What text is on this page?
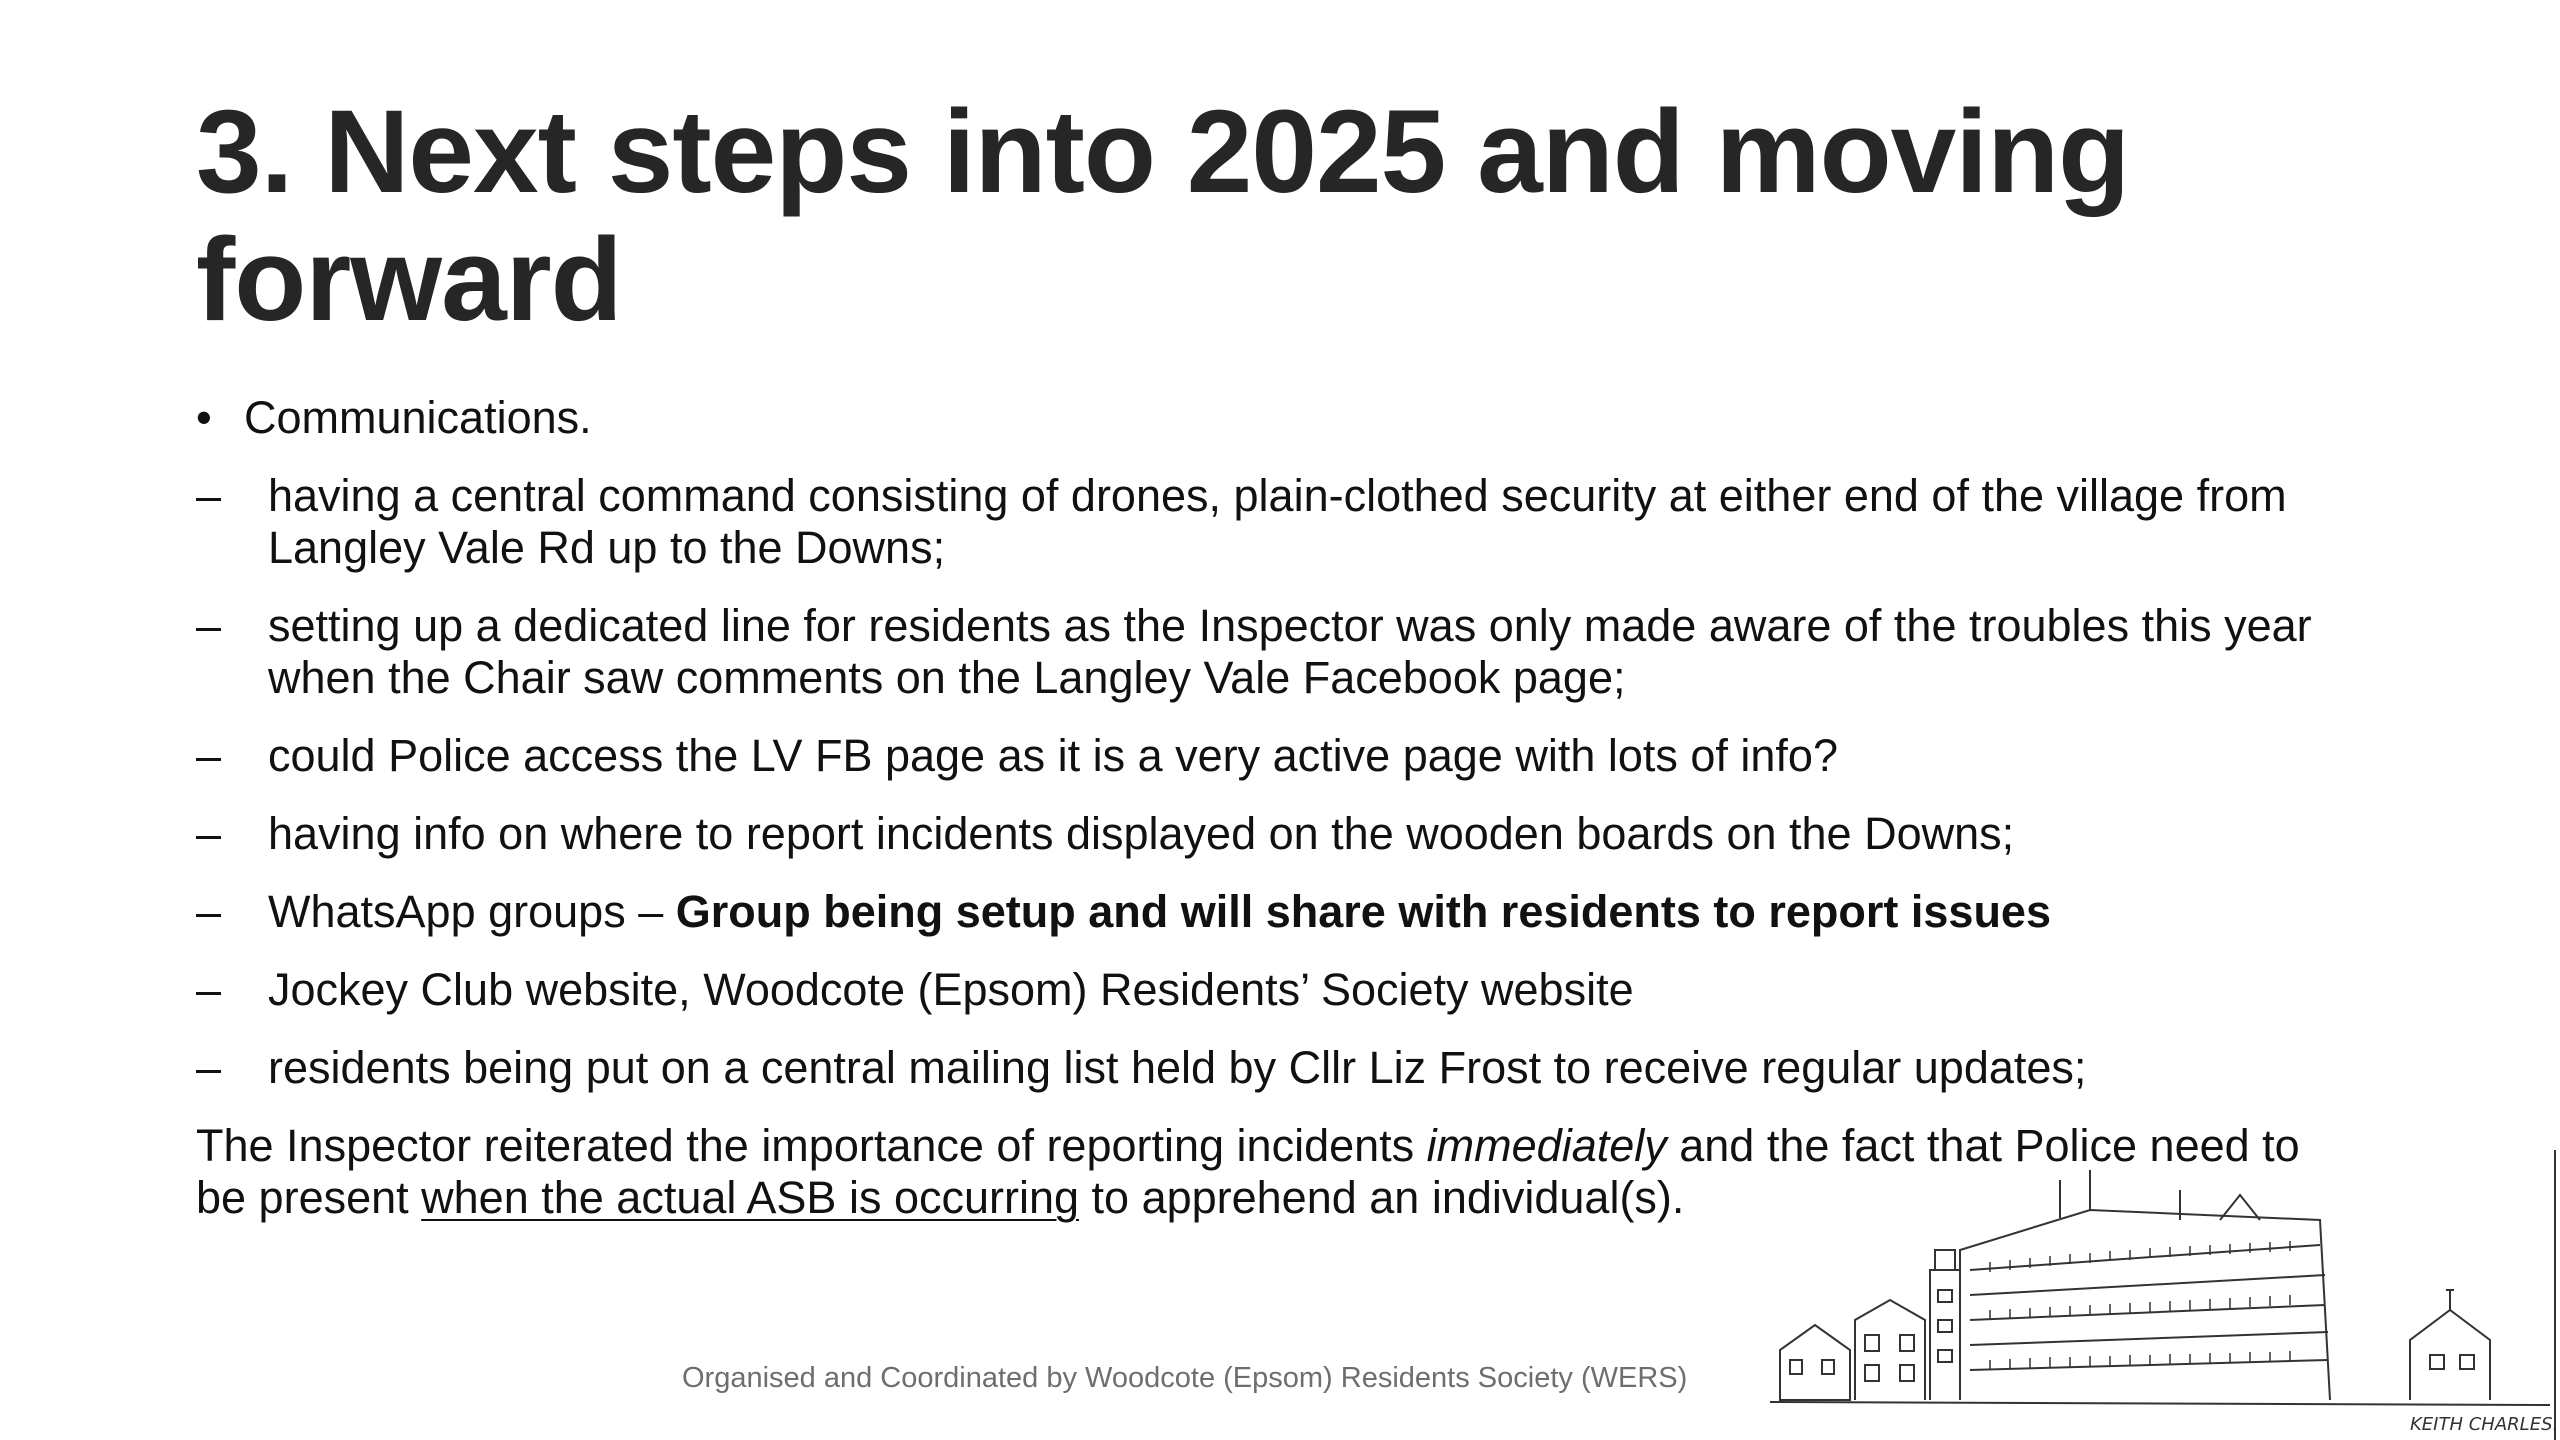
3. Next steps into 2025 and moving
forward
• Communications.
– having a central command consisting of drones, plain-clothed security at either end of the village from
Langley Vale Rd up to the Downs;
– setting up a dedicated line for residents as the Inspector was only made aware of the troubles this year
when the Chair saw comments on the Langley Vale Facebook page;
– could Police access the LV FB page as it is a very active page with lots of info?
– having info on where to report incidents displayed on the wooden boards on the Downs;
– WhatsApp groups – Group being setup and will share with residents to report issues
– Jockey Club website, Woodcote (Epsom) Residents’ Society website
– residents being put on a central mailing list held by Cllr Liz Frost to receive regular updates;

The Inspector reiterated the importance of reporting incidents immediately and the fact that Police need to
be present when the actual ASB is occurring to apprehend an individual(s).

Organised and Coordinated by Woodcote (Epsom) Residents Society (WERS)
KEITH CHARLES.
